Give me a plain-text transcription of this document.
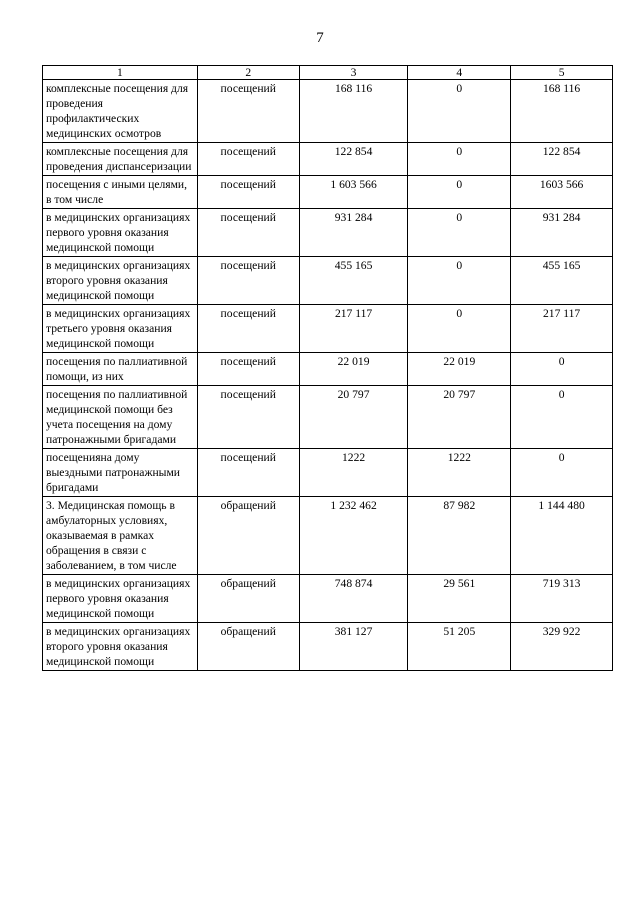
7
1	2	3	4	5
комплексные посещения для проведения профилактических медицинских осмотров	посещений	168 116	0	168 116
комплексные посещения для проведения диспансеризации	посещений	122 854	0	122 854
посещения с иными целями, в том числе	посещений	1 603 566	0	1603 566
в медицинских организациях первого уровня оказания медицинской помощи	посещений	931 284	0	931 284
в медицинских организациях второго уровня оказания медицинской помощи	посещений	455 165	0	455 165
в медицинских организациях третьего уровня оказания медицинской помощи	посещений	217 117	0	217 117
посещения по паллиативной помощи, из них	посещений	22 019	22 019	0
посещения по паллиативной медицинской помощи без учета посещения на дому патронажными бригадами	посещений	20 797	20 797	0
посещенияна дому выездными патронажными бригадами	посещений	1222	1222	0
3. Медицинская помощь в амбулаторных условиях, оказываемая в рамках обращения в связи с заболеванием, в том числе	обращений	1 232 462	87 982	1 144 480
в медицинских организациях первого уровня оказания медицинской помощи	обращений	748 874	29 561	719 313
в медицинских организациях второго уровня оказания медицинской помощи	обращений	381 127	51 205	329 922
